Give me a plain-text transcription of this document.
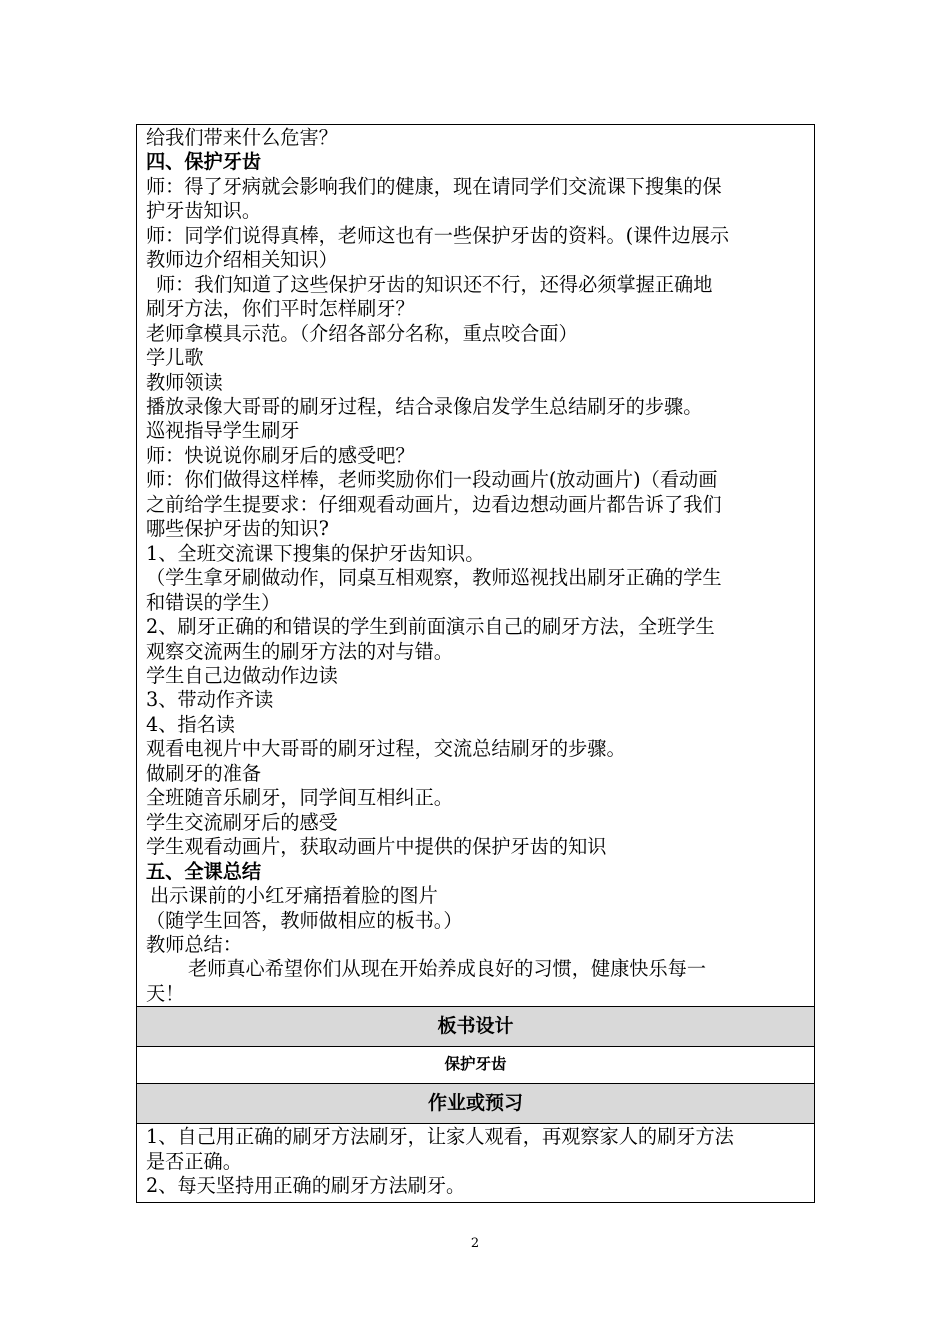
给我们带来什么危害？
四、保护牙齿
师：得了牙病就会影响我们的健康，现在请同学们交流课下搜集的保
护牙齿知识。
师：同学们说得真棒，老师这也有一些保护牙齿的资料。(课件边展示
教师边介绍相关知识）
师：我们知道了这些保护牙齿的知识还不行，还得必须掌握正确地
刷牙方法，你们平时怎样刷牙？
老师拿模具示范。（介绍各部分名称，重点咬合面）
学儿歌
教师领读
播放录像大哥哥的刷牙过程，结合录像启发学生总结刷牙的步骤。
巡视指导学生刷牙
师：快说说你刷牙后的感受吧？
师：你们做得这样棒，老师奖励你们一段动画片(放动画片)（看动画
之前给学生提要求：仔细观看动画片，边看边想动画片都告诉了我们
哪些保护牙齿的知识?
1、全班交流课下搜集的保护牙齿知识。
（学生拿牙刷做动作，同桌互相观察，教师巡视找出刷牙正确的学生
和错误的学生）
2、刷牙正确的和错误的学生到前面演示自己的刷牙方法，全班学生
观察交流两生的刷牙方法的对与错。
学生自己边做动作边读
3、带动作齐读
4、指名读
观看电视片中大哥哥的刷牙过程，交流总结刷牙的步骤。
做刷牙的准备
全班随音乐刷牙，同学间互相纠正。
学生交流刷牙后的感受
学生观看动画片，获取动画片中提供的保护牙齿的知识
五、全课总结
出示课前的小红牙痛捂着脸的图片
（随学生回答，教师做相应的板书。）
教师总结：
老师真心希望你们从现在开始养成良好的习惯，健康快乐每一
天！
板书设计
保护牙齿
作业或预习
1、自己用正确的刷牙方法刷牙，让家人观看，再观察家人的刷牙方法
是否正确。
2、每天坚持用正确的刷牙方法刷牙。
2
